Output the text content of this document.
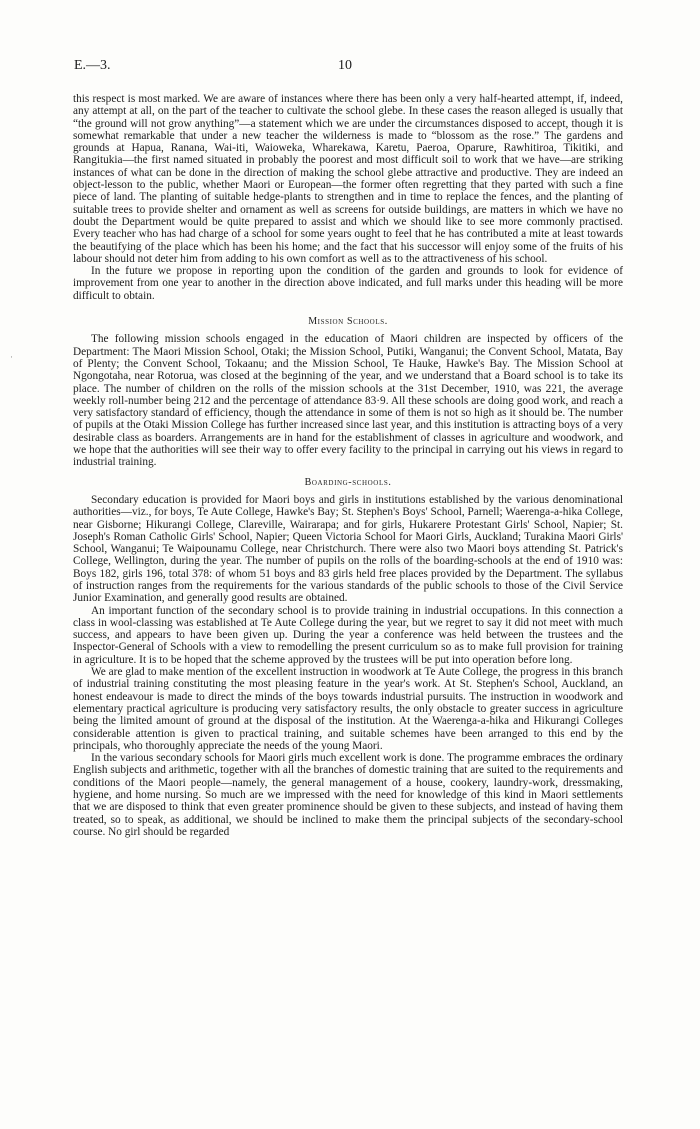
E.—3.	10
·

this respect is most marked. We are aware of instances where there has been only a very half-hearted attempt, if, indeed, any attempt at all, on the part of the teacher to cultivate the school glebe. In these cases the reason alleged is usually that “the ground will not grow anything”—a statement which we are under the circumstances disposed to accept, though it is somewhat remarkable that under a new teacher the wilderness is made to “blossom as the rose.” The gardens and grounds at Hapua, Ranana, Wai-iti, Waioweka, Wharekawa, Karetu, Paeroa, Oparure, Rawhitiroa, Tikitiki, and Rangitukia—the first named situated in probably the poorest and most difficult soil to work that we have—are striking instances of what can be done in the direction of making the school glebe attractive and productive. They are indeed an object-lesson to the public, whether Maori or European—the former often regretting that they parted with such a fine piece of land. The planting of suitable hedge-plants to strengthen and in time to replace the fences, and the planting of suitable trees to provide shelter and ornament as well as screens for outside buildings, are matters in which we have no doubt the Department would be quite prepared to assist and which we should like to see more commonly practised. Every teacher who has had charge of a school for some years ought to feel that he has contributed a mite at least towards the beautifying of the place which has been his home; and the fact that his successor will enjoy some of the fruits of his labour should not deter him from adding to his own comfort as well as to the attractiveness of his school.

In the future we propose in reporting upon the condition of the garden and grounds to look for evidence of improvement from one year to another in the direction above indicated, and full marks under this heading will be more difficult to obtain.

Mission Schools.

The following mission schools engaged in the education of Maori children are inspected by officers of the Department: The Maori Mission School, Otaki; the Mission School, Putiki, Wanganui; the Convent School, Matata, Bay of Plenty; the Convent School, Tokaanu; and the Mission School, Te Hauke, Hawke's Bay. The Mission School at Ngongotaha, near Rotorua, was closed at the beginning of the year, and we understand that a Board school is to take its place. The number of children on the rolls of the mission schools at the 31st December, 1910, was 221, the average weekly roll-number being 212 and the percentage of attendance 83·9. All these schools are doing good work, and reach a very satisfactory standard of efficiency, though the attendance in some of them is not so high as it should be. The number of pupils at the Otaki Mission College has further increased since last year, and this institution is attracting boys of a very desirable class as boarders. Arrangements are in hand for the establishment of classes in agriculture and woodwork, and we hope that the authorities will see their way to offer every facility to the principal in carrying out his views in regard to industrial training.

Boarding-schools.

Secondary education is provided for Maori boys and girls in institutions established by the various denominational authorities—viz., for boys, Te Aute College, Hawke's Bay; St. Stephen's Boys' School, Parnell; Waerenga-a-hika College, near Gisborne; Hikurangi College, Clareville, Wairarapa; and for girls, Hukarere Protestant Girls' School, Napier; St. Joseph's Roman Catholic Girls' School, Napier; Queen Victoria School for Maori Girls, Auckland; Turakina Maori Girls' School, Wanganui; Te Waipounamu College, near Christchurch. There were also two Maori boys attending St. Patrick's College, Wellington, during the year. The number of pupils on the rolls of the boarding-schools at the end of 1910 was: Boys 182, girls 196, total 378: of whom 51 boys and 83 girls held free places provided by the Department. The syllabus of instruction ranges from the requirements for the various standards of the public schools to those of the Civil Service Junior Examination, and generally good results are obtained.

An important function of the secondary school is to provide training in industrial occupations. In this connection a class in wool-classing was established at Te Aute College during the year, but we regret to say it did not meet with much success, and appears to have been given up. During the year a conference was held between the trustees and the Inspector-General of Schools with a view to remodelling the present curriculum so as to make full provision for training in agriculture. It is to be hoped that the scheme approved by the trustees will be put into operation before long.

We are glad to make mention of the excellent instruction in woodwork at Te Aute College, the progress in this branch of industrial training constituting the most pleasing feature in the year's work. At St. Stephen's School, Auckland, an honest endeavour is made to direct the minds of the boys towards industrial pursuits. The instruction in woodwork and elementary practical agriculture is producing very satisfactory results, the only obstacle to greater success in agriculture being the limited amount of ground at the disposal of the institution. At the Waerenga-a-hika and Hikurangi Colleges considerable attention is given to practical training, and suitable schemes have been arranged to this end by the principals, who thoroughly appreciate the needs of the young Maori.

In the various secondary schools for Maori girls much excellent work is done. The programme embraces the ordinary English subjects and arithmetic, together with all the branches of domestic training that are suited to the requirements and conditions of the Maori people—namely, the general management of a house, cookery, laundry-work, dressmaking, hygiene, and home nursing. So much are we impressed with the need for knowledge of this kind in Maori settlements that we are disposed to think that even greater prominence should be given to these subjects, and instead of having them treated, so to speak, as additional, we should be inclined to make them the principal subjects of the secondary-school course. No girl should be regarded
